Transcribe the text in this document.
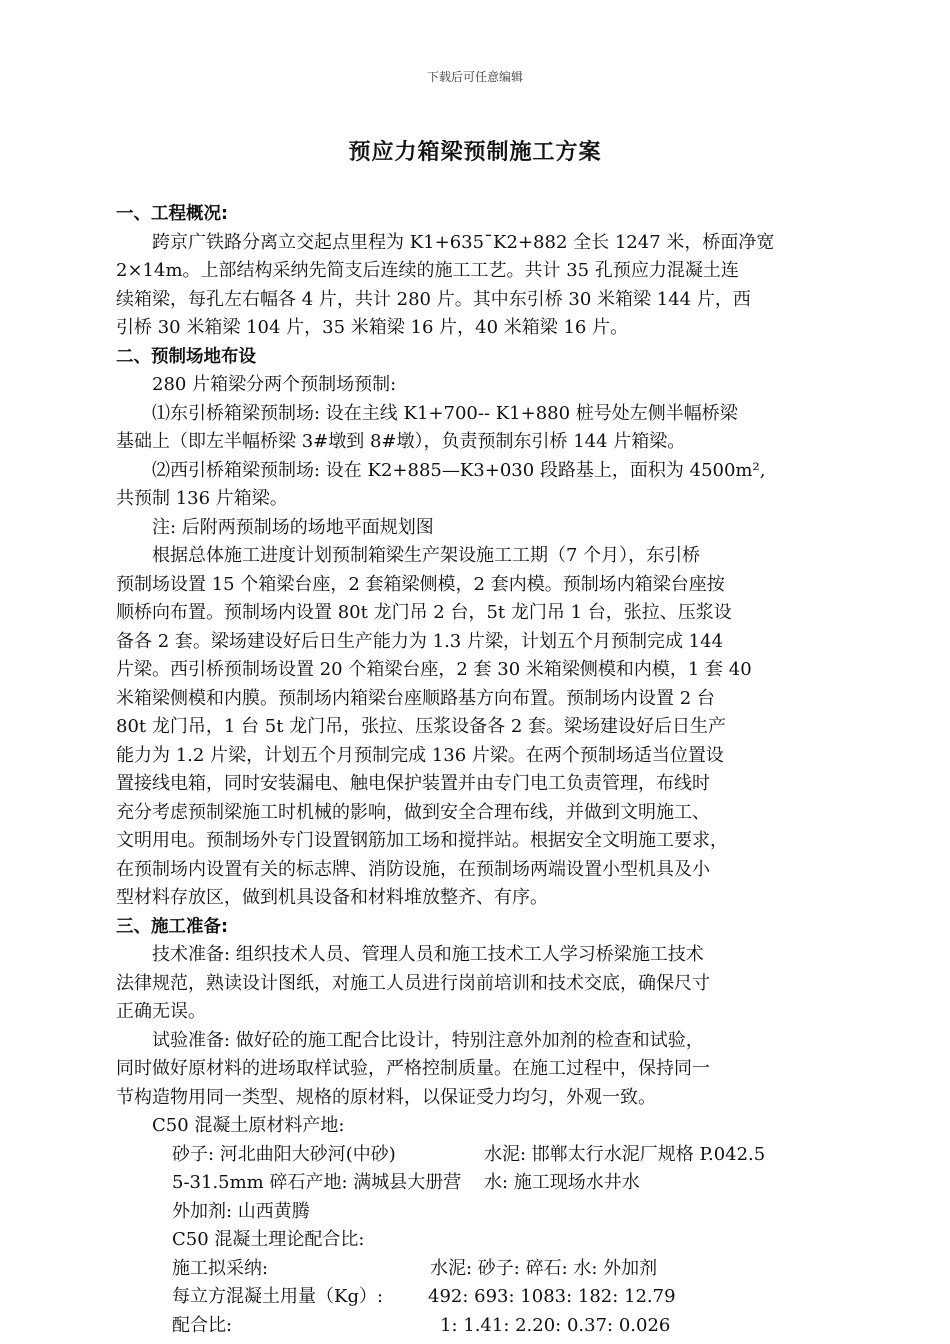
下载后可任意编辑
预应力箱梁预制施工方案
一、工程概况:
跨京广铁路分离立交起点里程为 K1+635¯K2+882 全长 1247 米，桥面净宽
2×14m。上部结构采纳先简支后连续的施工工艺。共计 35 孔预应力混凝土连
续箱梁，每孔左右幅各 4 片，共计 280 片。其中东引桥 30 米箱梁 144 片，西
引桥 30 米箱梁 104 片，35 米箱梁 16 片，40 米箱梁 16 片。
二、预制场地布设
280 片箱梁分两个预制场预制:
⑴东引桥箱梁预制场: 设在主线 K1+700-- K1+880 桩号处左侧半幅桥梁
基础上（即左半幅桥梁 3#墩到 8#墩），负责预制东引桥 144 片箱梁。
⑵西引桥箱梁预制场: 设在 K2+885—K3+030 段路基上，面积为 4500m²,
共预制 136 片箱梁。
注: 后附两预制场的场地平面规划图
根据总体施工进度计划预制箱梁生产架设施工工期（7 个月），东引桥
预制场设置 15 个箱梁台座，2 套箱梁侧模，2 套内模。预制场内箱梁台座按
顺桥向布置。预制场内设置 80t 龙门吊 2 台，5t 龙门吊 1 台，张拉、压浆设
备各 2 套。梁场建设好后日生产能力为 1.3 片梁，计划五个月预制完成 144
片梁。西引桥预制场设置 20 个箱梁台座，2 套 30 米箱梁侧模和内模，1 套 40
米箱梁侧模和内膜。预制场内箱梁台座顺路基方向布置。预制场内设置 2 台
80t 龙门吊，1 台 5t 龙门吊，张拉、压浆设备各 2 套。梁场建设好后日生产
能力为 1.2 片梁，计划五个月预制完成 136 片梁。在两个预制场适当位置设
置接线电箱，同时安装漏电、触电保护装置并由专门电工负责管理，布线时
充分考虑预制梁施工时机械的影响，做到安全合理布线，并做到文明施工、
文明用电。预制场外专门设置钢筋加工场和搅拌站。根据安全文明施工要求，
在预制场内设置有关的标志牌、消防设施，在预制场两端设置小型机具及小
型材料存放区，做到机具设备和材料堆放整齐、有序。
三、施工准备:
技术准备: 组织技术人员、管理人员和施工技术工人学习桥梁施工技术
法律规范，熟读设计图纸，对施工人员进行岗前培训和技术交底，确保尺寸
正确无误。
试验准备: 做好砼的施工配合比设计，特别注意外加剂的检查和试验，
同时做好原材料的进场取样试验，严格控制质量。在施工过程中，保持同一
节构造物用同一类型、规格的原材料，以保证受力均匀，外观一致。
C50 混凝土原材料产地:
砂子: 河北曲阳大砂河(中砂)	水泥: 邯郸太行水泥厂规格 P.042.5
5-31.5mm 碎石产地: 满城县大册营	水: 施工现场水井水
外加剂: 山西黄腾
C50 混凝土理论配合比:
施工拟采纳:	水泥: 砂子: 碎石: 水: 外加剂
每立方混凝土用量（Kg）:	492: 693: 1083: 182: 12.79
配合比:	1: 1.41: 2.20: 0.37: 0.026
